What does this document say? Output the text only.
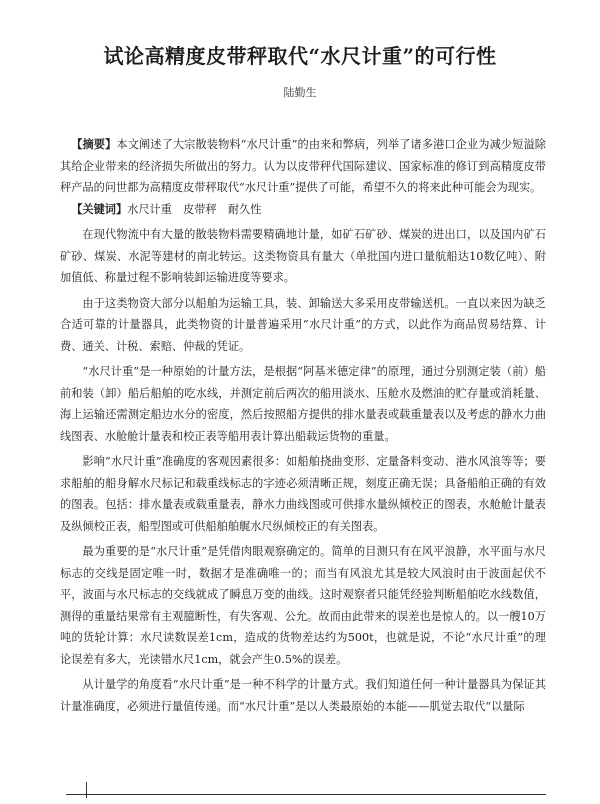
试论高精度皮带秤取代“水尺计重”的可行性
陆勤生

【摘要】本文阐述了大宗散装物料“水尺计重”的由来和弊病，列举了诸多港口企业为减少短溢除其给企业带来的经济损失所做出的努力。认为以皮带秤代国际建议、国家标准的修订到高精度皮带秤产品的问世都为高精度皮带秤取代“水尺计重”提供了可能，希望不久的将来此种可能会为现实。

【关键词】水尺计重　皮带秤　耐久性

在现代物流中有大量的散装物料需要精确地计量，如矿石矿砂、煤炭的进出口，以及国内矿石矿砂、煤炭、水泥等建材的南北转运。这类物资具有量大（单批国内进口量航船达10数亿吨）、附加值低、称量过程不影响装卸运输进度等要求。

由于这类物资大部分以船舶为运输工具，装、卸输送大多采用皮带输送机。一直以来因为缺乏合适可靠的计量器具，此类物资的计量普遍采用“水尺计重”的方式，以此作为商品贸易结算、计费、通关、计税、索赔、仲裁的凭证。

“水尺计重”是一种原始的计量方法，是根据“阿基米德定律”的原理，通过分别测定装（前）船前和装（卸）船后船舶的吃水线，并测定前后两次的船用淡水、压舱水及燃油的贮存量或消耗量、海上运输还需测定船边水分的密度，然后按照船方提供的排水量表或载重量表以及考虑的静水力曲线图表、水舱舱计量表和校正表等船用表计算出船载运货物的重量。

影响“水尺计重”准确度的客观因素很多：如船舶挠曲变形、定量备料变动、港水风浪等等；要求船舶的船身解水尺标记和载重线标志的字迹必须清晰正规，刻度正确无误；具备船舶正确的有效的图表。包括：排水量表或载重量表，静水力曲线图或可供排水量纵倾校正的图表，水舱舱计量表及纵倾校正表，船型图或可供船舶舶艉水尺纵倾校正的有关图表。

最为重要的是“水尺计重”是凭借肉眼观察确定的。简单的目测只有在风平浪静，水平面与水尺标志的交线是固定唯一时，数据才是准确唯一的；而当有风浪尤其是较大风浪时由于波面起伏不平，波面与水尺标志的交线就成了瞬息万变的曲线。这时观察者只能凭经验判断船舶吃水线数值，测得的重量结果常有主观臆断性，有失客观、公允。故而由此带来的误差也是惊人的。以一艘10万吨的货轮计算：水尺读数误差1cm，造成的货物差达约为500t，也就是说，不论“水尺计重”的理论误差有多大，光读错水尺1cm，就会产生0.5%的误差。

从计量学的角度看“水尺计重”是一种不科学的计量方式。我们知道任何一种计量器具为保证其计量准确度，必须进行量值传递。而“水尺计重”是以人类最原始的本能——肌觉去取代“以量际
